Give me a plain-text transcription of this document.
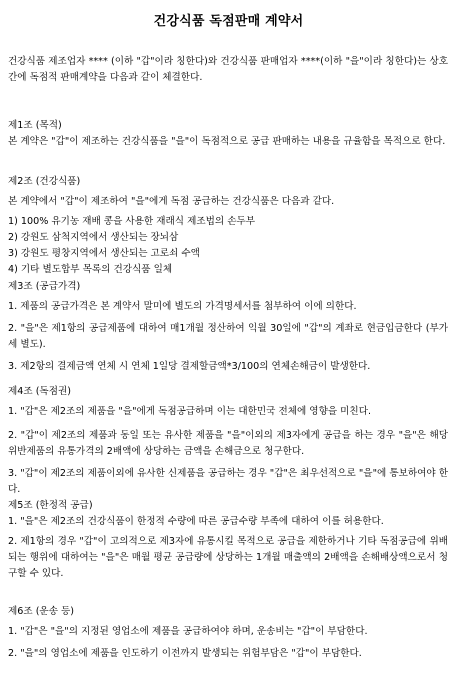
건강식품 독점판매 계약서
건강식품 제조업자 **** (이하 "갑"이라 칭한다)와 건강식품 판매업자 ****(이하 "을"이라 칭한다)는 상호간에 독점적 판매계약을 다음과 같이 체결한다.
제1조 (목적)
본 계약은 "갑"이 제조하는 건강식품을 "을"이 독점적으로 공급 판매하는 내용을 규율함을 목적으로 한다.
제2조 (건강식품)
본 계약에서 "갑"이 제조하여 "을"에게 독점 공급하는 건강식품은 다음과 같다.
1) 100% 유기농 재배 콩을 사용한 재래식 제조법의 손두부
2) 강원도 삼척지역에서 생산되는 장뇌삼
3) 강원도 평창지역에서 생산되는 고로쇠 수액
4) 기타 별도합부 목록의 건강식품 일체
제3조 (공급가격)
1. 제품의 공급가격은 본 계약서 말미에 별도의 가격명세서를 첨부하여 이에 의한다.
2. "을"은 제1항의 공급제품에 대하여 매1개월 정산하여 익월 30일에 "갑"의 계좌로 현금입금한다 (부가세 별도).
3. 제2항의 결제금액 연체 시 연체 1일당 결제할금액*3/100의 연체손해금이 발생한다.
제4조 (독점권)
1. "갑"은 제2조의 제품을 "을"에게 독점공급하며 이는 대한민국 전체에 영향을 미친다.
2. "갑"이 제2조의 제품과 동일 또는 유사한 제품을 "을"이외의 제3자에게 공급을 하는 경우 "을"은 해당 위반제품의 유통가격의 2배액에 상당하는 금액을 손해금으로 청구한다.
3. "갑"이 제2조의 제품이외에 유사한 신제품을 공급하는 경우 "갑"은 최우선적으로 "을"에 통보하여야 한다.
제5조 (한정적 공급)
1. "을"은 제2조의 건강식품이 한정적 수량에 따른 공급수량 부족에 대하여 이를 허용한다.
2. 제1항의 경우 "갑"이 고의적으로 제3자에 유통시킬 목적으로 공급을 제한하거나 기타 독점공급에 위배되는 행위에 대하여는 "을"은 매월 평균 공급량에 상당하는 1개월 매출액의 2배액을 손해배상액으로서 청구할 수 있다.
제6조 (운송 등)
1. "갑"은 "을"의 지정된 영업소에 제품을 공급하여야 하며, 운송비는 "갑"이 부담한다.
2. "을"의 영업소에 제품을 인도하기 이전까지 발생되는 위험부담은 "갑"이 부담한다.
